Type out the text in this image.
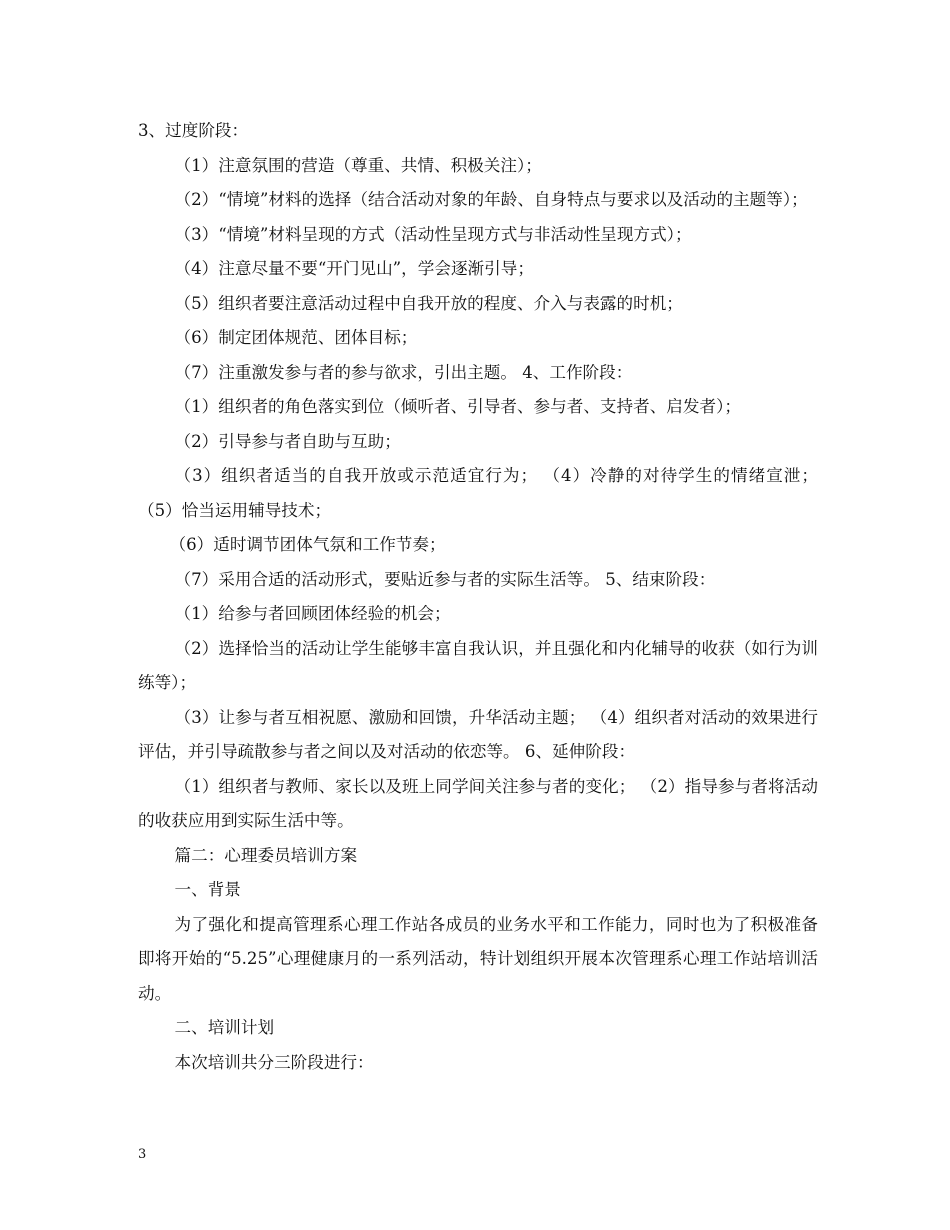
3、过度阶段：

（1）注意氛围的营造（尊重、共情、积极关注）；

（2）“情境”材料的选择（结合活动对象的年龄、自身特点与要求以及活动的主题等）；

（3）“情境”材料呈现的方式（活动性呈现方式与非活动性呈现方式）；

（4）注意尽量不要“开门见山”，学会逐渐引导；

（5）组织者要注意活动过程中自我开放的程度、介入与表露的时机；

（6）制定团体规范、团体目标；

（7）注重激发参与者的参与欲求，引出主题。 4、工作阶段：

（1）组织者的角色落实到位（倾听者、引导者、参与者、支持者、启发者）；

（2）引导参与者自助与互助；

（3）组织者适当的自我开放或示范适宜行为； （4）冷静的对待学生的情绪宣泄； （5）恰当运用辅导技术；

（6）适时调节团体气氛和工作节奏；

（7）采用合适的活动形式，要贴近参与者的实际生活等。 5、结束阶段：

（1）给参与者回顾团体经验的机会；

（2）选择恰当的活动让学生能够丰富自我认识，并且强化和内化辅导的收获（如行为训练等）；

（3）让参与者互相祝愿、激励和回馈，升华活动主题； （4）组织者对活动的效果进行评估，并引导疏散参与者之间以及对活动的依恋等。 6、延伸阶段：

（1）组织者与教师、家长以及班上同学间关注参与者的变化； （2）指导参与者将活动的收获应用到实际生活中等。

篇二：心理委员培训方案

一、背景

为了强化和提高管理系心理工作站各成员的业务水平和工作能力，同时也为了积极准备即将开始的“5.25”心理健康月的一系列活动，特计划组织开展本次管理系心理工作站培训活动。

二、培训计划

本次培训共分三阶段进行：

3
